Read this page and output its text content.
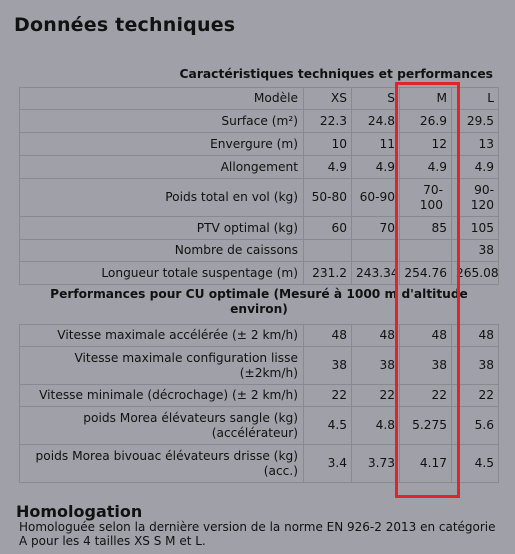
Données techniques
Caractéristiques techniques et performances
Modèle	XS	S	M	L
Surface (m²)	22.3	24.8	26.9	29.5
Envergure (m)	10	11	12	13
Allongement	4.9	4.9	4.9	4.9
Poids total en vol (kg)	50-80	60-90	70-100	90-120
PTV optimal (kg)	60	70	85	105
Nombre de caissons				38
Longueur totale suspentage (m)	231.2	243.34	254.76	265.08
Performances pour CU optimale (Mesuré à 1000 m d'altitude environ)				

Vitesse maximale accélérée (± 2 km/h)	48	48	48	48
Vitesse maximale configuration lisse (±2km/h)	38	38	38	38
Vitesse minimale (décrochage) (± 2 km/h)	22	22	22	22
poids Morea élévateurs sangle (kg) (accélérateur)	4.5	4.8	5.275	5.6
poids Morea bivouac élévateurs drisse (kg) (acc.)	3.4	3.73	4.17	4.5
Homologation
Homologuée selon la dernière version de la norme EN 926-2 2013 en catégorie A pour les 4 tailles XS S M et L.
